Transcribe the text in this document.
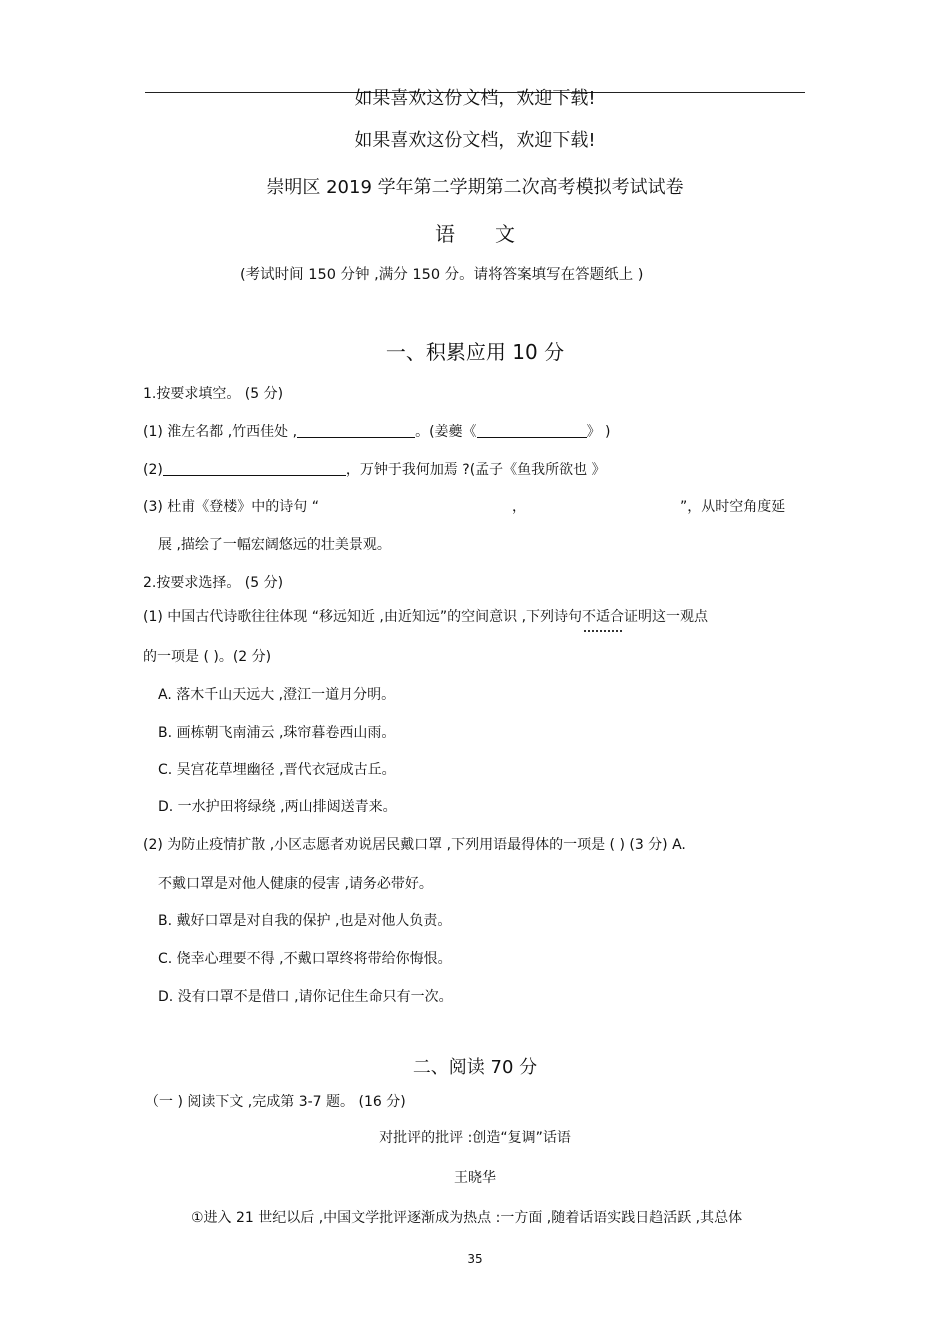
如果喜欢这份文档，欢迎下载!
如果喜欢这份文档，欢迎下载!
崇明区 2019 学年第二学期第二次高考模拟考试试卷
语　　文
(考试时间 150 分钟 ,满分 150 分。请将答案填写在答题纸上 )
一、积累应用 10 分
1.按要求填空。 (5 分)
(1) 淮左名都 ,竹西佳处 ,	。(姜夔《	》 )
(2)	，万钟于我何加焉 ?(孟子《鱼我所欲也 》
(3) 杜甫《登楼》中的诗句 “	，	”，从时空角度延
展 ,描绘了一幅宏阔悠远的壮美景观。
2.按要求选择。 (5 分)
(1) 中国古代诗歌往往体现 “移远知近 ,由近知远”的空间意识 ,下列诗句不适合证明这一观点
的一项是 ( )。(2 分)
A. 落木千山天远大 ,澄江一道月分明。
B. 画栋朝飞南浦云 ,珠帘暮卷西山雨。
C. 吴宫花草埋幽径 ,晋代衣冠成古丘。
D. 一水护田将绿绕 ,两山排闼送青来。
(2) 为防止疫情扩散 ,小区志愿者劝说居民戴口罩 ,下列用语最得体的一项是 ( ) (3 分) A.
不戴口罩是对他人健康的侵害 ,请务必带好。
B. 戴好口罩是对自我的保护 ,也是对他人负责。
C. 侥幸心理要不得 ,不戴口罩终将带给你悔恨。
D. 没有口罩不是借口 ,请你记住生命只有一次。
二、阅读 70 分
（一 ) 阅读下文 ,完成第 3-7 题。 (16 分)
对批评的批评 :创造“复调”话语
王晓华
①进入 21 世纪以后 ,中国文学批评逐渐成为热点 :一方面 ,随着话语实践日趋活跃 ,其总体
35
